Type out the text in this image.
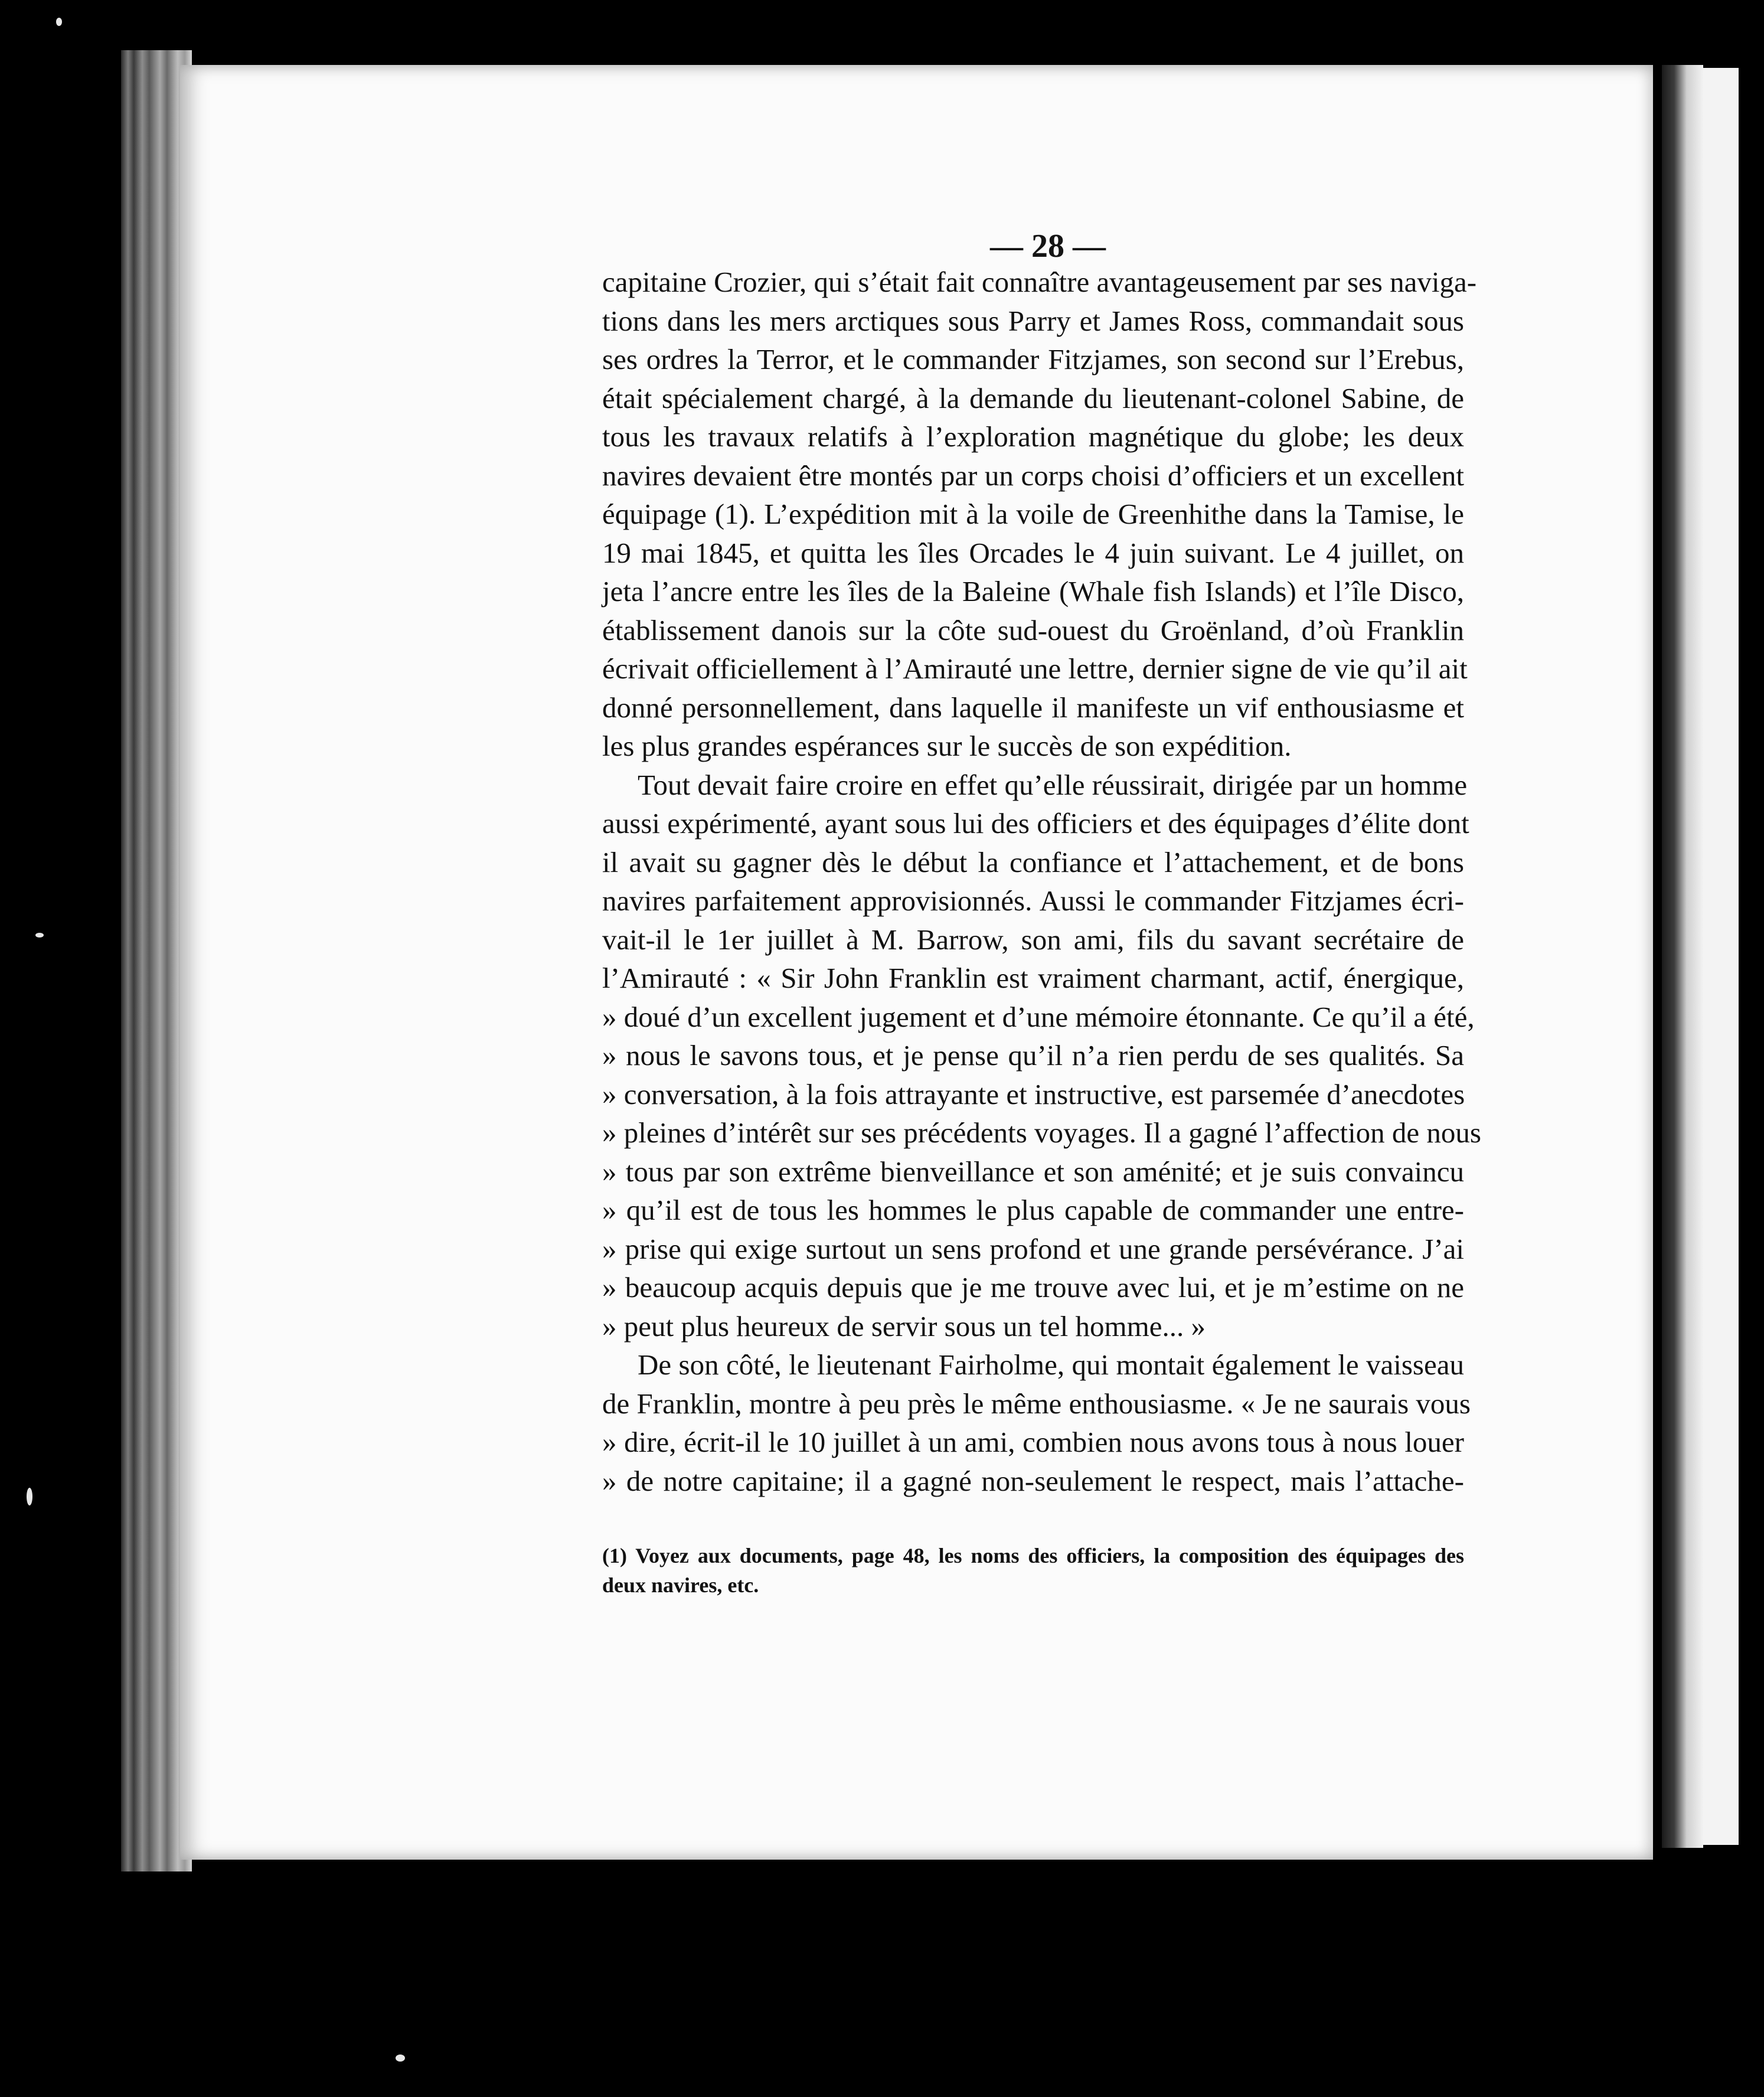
— 28 —
capitaine Crozier, qui s’était fait connaître avantageusement par ses naviga-
tions dans les mers arctiques sous Parry et James Ross, commandait sous
ses ordres la Terror, et le commander Fitzjames, son second sur l’Erebus,
était spécialement chargé, à la demande du lieutenant-colonel Sabine, de
tous les travaux relatifs à l’exploration magnétique du globe; les deux
navires devaient être montés par un corps choisi d’officiers et un excellent
équipage (1). L’expédition mit à la voile de Greenhithe dans la Tamise, le
19 mai 1845, et quitta les îles Orcades le 4 juin suivant. Le 4 juillet, on
jeta l’ancre entre les îles de la Baleine (Whale fish Islands) et l’île Disco,
établissement danois sur la côte sud-ouest du Groënland, d’où Franklin
écrivait officiellement à l’Amirauté une lettre, dernier signe de vie qu’il ait
donné personnellement, dans laquelle il manifeste un vif enthousiasme et
les plus grandes espérances sur le succès de son expédition.
Tout devait faire croire en effet qu’elle réussirait, dirigée par un homme
aussi expérimenté, ayant sous lui des officiers et des équipages d’élite dont
il avait su gagner dès le début la confiance et l’attachement, et de bons
navires parfaitement approvisionnés. Aussi le commander Fitzjames écri-
vait-il le 1er juillet à M. Barrow, son ami, fils du savant secrétaire de
l’Amirauté : « Sir John Franklin est vraiment charmant, actif, énergique,
» doué d’un excellent jugement et d’une mémoire étonnante. Ce qu’il a été,
» nous le savons tous, et je pense qu’il n’a rien perdu de ses qualités. Sa
» conversation, à la fois attrayante et instructive, est parsemée d’anecdotes
» pleines d’intérêt sur ses précédents voyages. Il a gagné l’affection de nous
» tous par son extrême bienveillance et son aménité; et je suis convaincu
» qu’il est de tous les hommes le plus capable de commander une entre-
» prise qui exige surtout un sens profond et une grande persévérance. J’ai
» beaucoup acquis depuis que je me trouve avec lui, et je m’estime on ne
» peut plus heureux de servir sous un tel homme... »
De son côté, le lieutenant Fairholme, qui montait également le vaisseau
de Franklin, montre à peu près le même enthousiasme. « Je ne saurais vous
» dire, écrit-il le 10 juillet à un ami, combien nous avons tous à nous louer
» de notre capitaine; il a gagné non-seulement le respect, mais l’attache-
(1) Voyez aux documents, page 48, les noms des officiers, la composition des équipages des
deux navires, etc.
